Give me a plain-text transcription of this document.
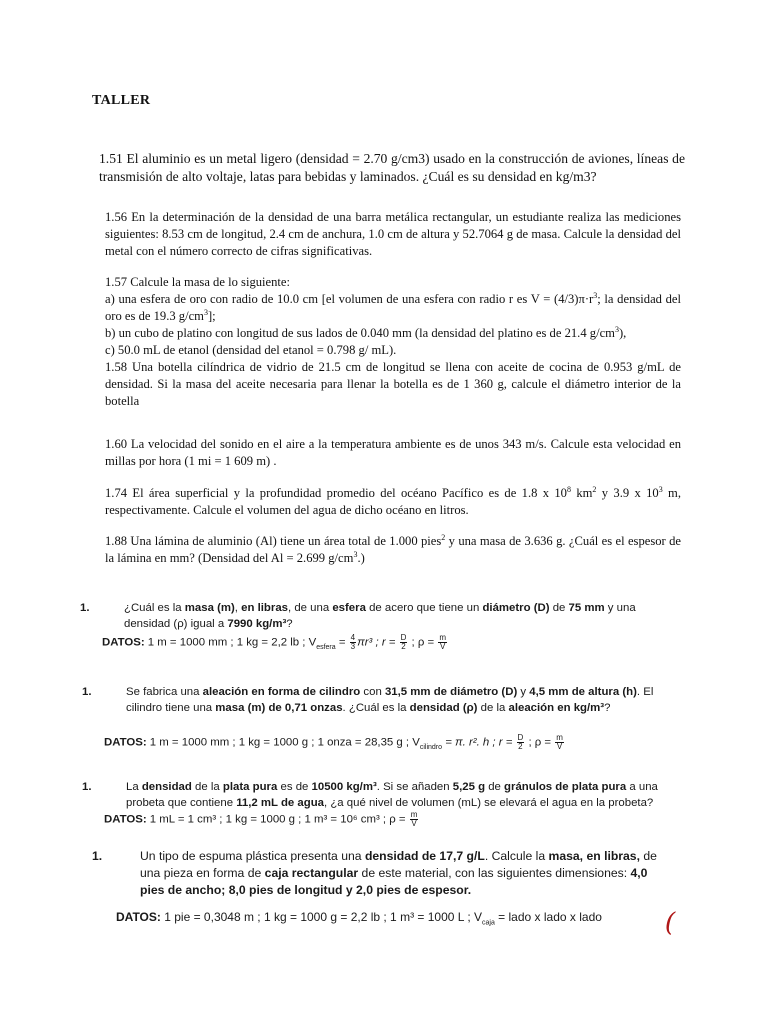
TALLER

1.51 El aluminio es un metal ligero (densidad = 2.70 g/cm3) usado en la construcción de aviones, líneas de transmisión de alto voltaje, latas para bebidas y laminados. ¿Cuál es su densidad en kg/m3?

1.56 En la determinación de la densidad de una barra metálica rectangular, un estudiante realiza las mediciones siguientes: 8.53 cm de longitud, 2.4 cm de anchura, 1.0 cm de altura y 52.7064 g de masa. Calcule la densidad del metal con el número correcto de cifras significativas.

1.57 Calcule la masa de lo siguiente:
a) una esfera de oro con radio de 10.0 cm [el volumen de una esfera con radio r es $V = (4/3)\pi\cdot r^3$; la densidad del oro es de 19.3 $g/cm^3$];
b) un cubo de platino con longitud de sus lados de 0.040 mm (la densidad del platino es de 21.4 $g/cm^3$),
c) 50.0 mL de etanol (densidad del etanol = 0.798 g/ mL).
1.58 Una botella cilíndrica de vidrio de 21.5 cm de longitud se llena con aceite de cocina de 0.953 g/mL de densidad. Si la masa del aceite necesaria para llenar la botella es de 1 360 g, calcule el diámetro interior de la botella

1.60 La velocidad del sonido en el aire a la temperatura ambiente es de unos 343 m/s. Calcule esta velocidad en millas por hora (1 mi = 1 609 m) .

1.74 El área superficial y la profundidad promedio del océano Pacífico es de 1.8 x $10^8$ $km^2$ y 3.9 x $10^3$ m, respectivamente. Calcule el volumen del agua de dicho océano en litros.

1.88 Una lámina de aluminio (Al) tiene un área total de 1.000 pies$^2$ y una masa de 3.636 g. ¿Cuál es el espesor de la lámina en mm? (Densidad del Al = 2.699 $g/cm^3$.)

1.	¿Cuál es la masa (m), en libras, de una esfera de acero que tiene un diámetro (D) de 75 mm y una densidad (ρ) igual a 7990 kg/m³?
DATOS: 1 m = 1000 mm ; 1 kg = 2,2 lb ; $V_{esfera} = \frac{4}{3} \pi r^3$ ; $r = \frac{D}{2}$ ; $\rho = \frac{m}{V}$
1.	Se fabrica una aleación en forma de cilindro con 31,5 mm de diámetro (D) y 4,5 mm de altura (h). El cilindro tiene una masa (m) de 0,71 onzas. ¿Cuál es la densidad (ρ) de la aleación en kg/m³?
DATOS: 1 m = 1000 mm ; 1 kg = 1000 g ; 1 onza = 28,35 g ; $V_{cilindro} = \pi$. r². h ; $r = \frac{D}{2}$ ; $\rho = \frac{m}{V}$
1.	La densidad de la plata pura es de 10500 kg/m³. Si se añaden 5,25 g de gránulos de plata pura a una probeta que contiene 11,2 mL de agua, ¿a qué nivel de volumen (mL) se elevará el agua en la probeta?
DATOS: 1 mL = 1 cm³ ; 1 kg = 1000 g ; 1 m³ = 10⁶ cm³ ; $\rho = \frac{m}{V}$
1.	Un tipo de espuma plástica presenta una densidad de 17,7 g/L. Calcule la masa, en libras, de una pieza en forma de caja rectangular de este material, con las siguientes dimensiones: 4,0 pies de ancho; 8,0 pies de longitud y 2,0 pies de espesor.
DATOS: 1 pie = 0,3048 m ; 1 kg = 1000 g = 2,2 lb ; 1 m³ = 1000 L ; $V_{caja}$ = lado x lado x lado	(
